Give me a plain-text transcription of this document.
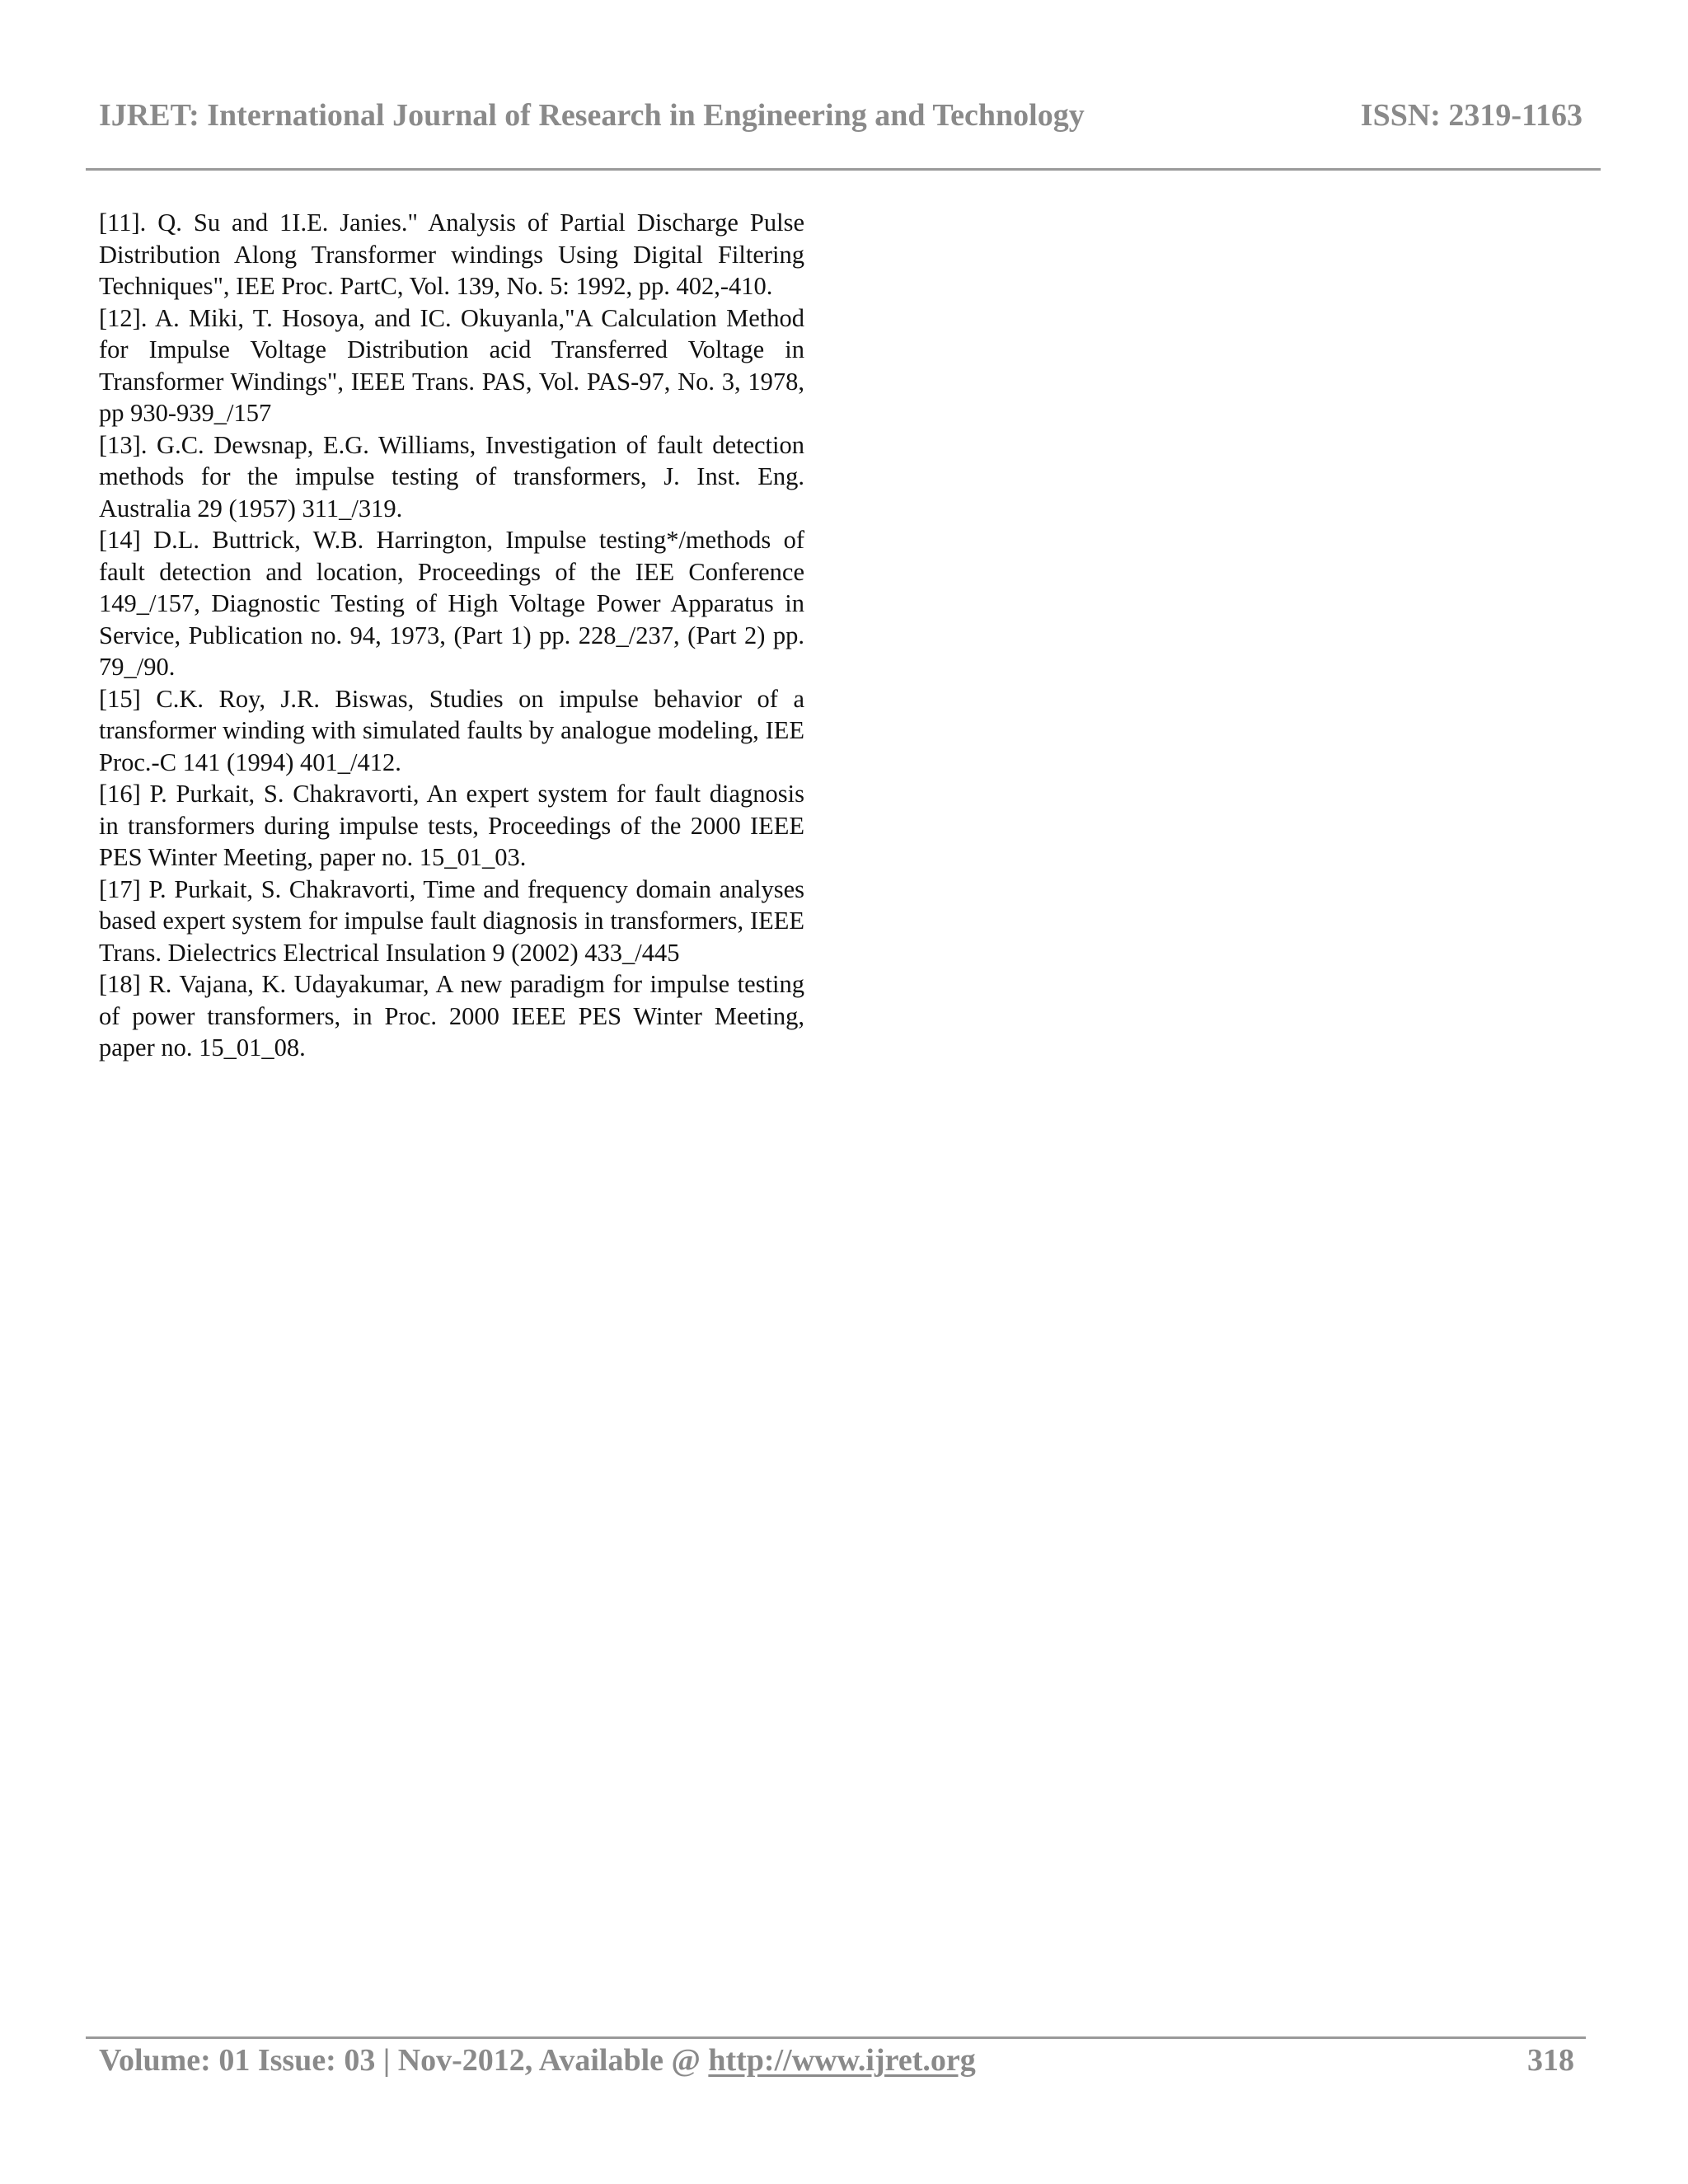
IJRET: International Journal of Research in Engineering and Technology	ISSN: 2319-1163
[11]. Q. Su and 1I.E. Janies." Analysis of Partial Discharge Pulse Distribution Along Transformer windings Using Digital Filtering Techniques", IEE Proc. PartC, Vol. 139, No. 5: 1992, pp. 402,-410.
[12]. A. Miki, T. Hosoya, and IC. Okuyanla,"A Calculation Method for Impulse Voltage Distribution acid Transferred Voltage in Transformer Windings", IEEE Trans. PAS, Vol. PAS-97, No. 3, 1978, pp 930-939_/157
[13]. G.C. Dewsnap, E.G. Williams, Investigation of fault detection methods for the impulse testing of transformers, J. Inst. Eng. Australia 29 (1957) 311_/319.
[14] D.L. Buttrick, W.B. Harrington, Impulse testing*/methods of fault detection and location, Proceedings of the IEE Conference 149_/157, Diagnostic Testing of High Voltage Power Apparatus in Service, Publication no. 94, 1973, (Part 1) pp. 228_/237, (Part 2) pp. 79_/90.
[15] C.K. Roy, J.R. Biswas, Studies on impulse behavior of a transformer winding with simulated faults by analogue modeling, IEE Proc.-C 141 (1994) 401_/412.
[16] P. Purkait, S. Chakravorti, An expert system for fault diagnosis in transformers during impulse tests, Proceedings of the 2000 IEEE PES Winter Meeting, paper no. 15_01_03.
[17] P. Purkait, S. Chakravorti, Time and frequency domain analyses based expert system for impulse fault diagnosis in transformers, IEEE Trans. Dielectrics Electrical Insulation 9 (2002) 433_/445
[18] R. Vajana, K. Udayakumar, A new paradigm for impulse testing of power transformers, in Proc. 2000 IEEE PES Winter Meeting, paper no. 15_01_08.
Volume: 01 Issue: 03 | Nov-2012, Available @ http://www.ijret.org	318
